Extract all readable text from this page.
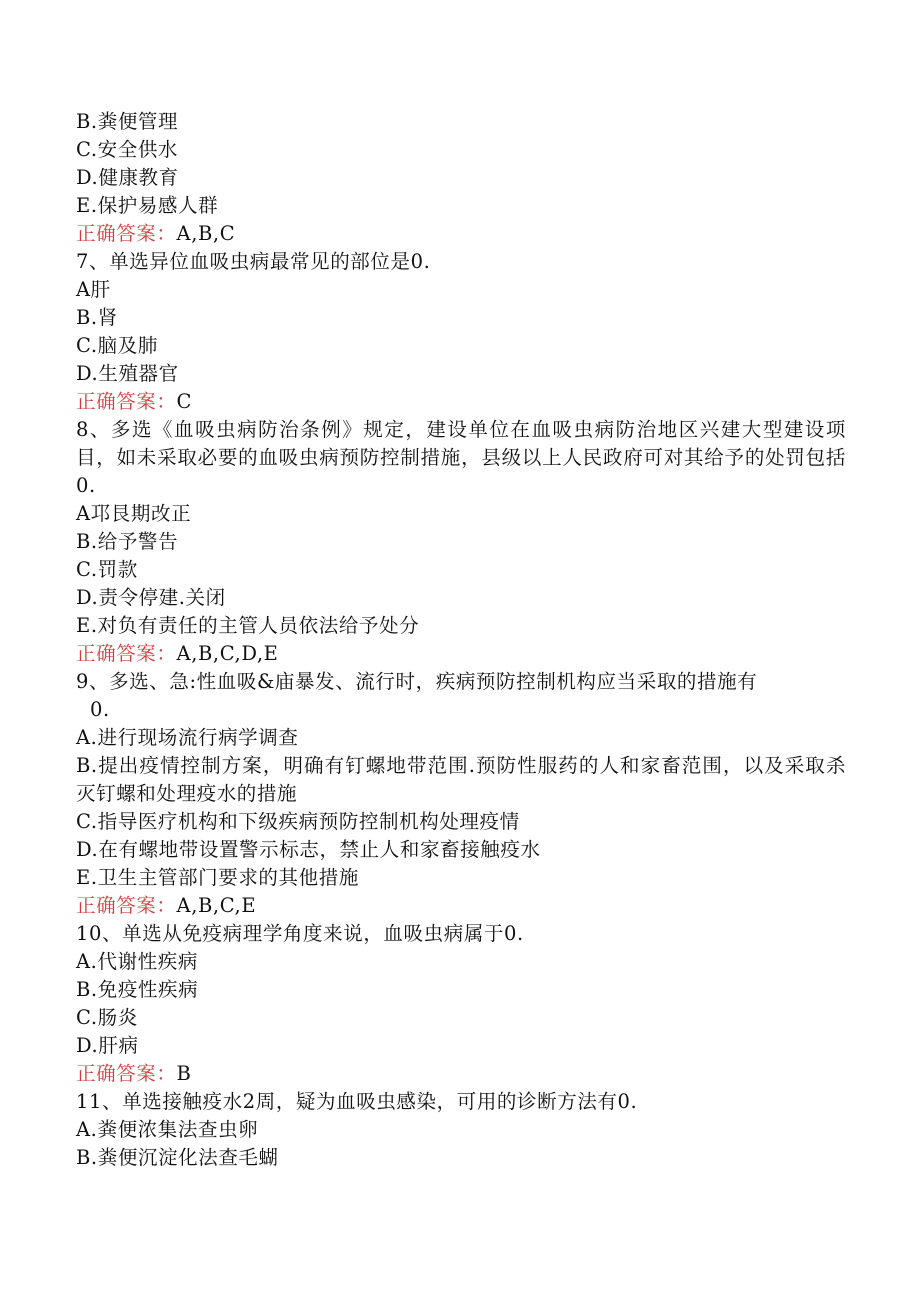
B.粪便管理
C.安全供水
D.健康教育
E.保护易感人群
正确答案：A,B,C
7、单选异位血吸虫病最常见的部位是0.
A肝
B.肾
C.脑及肺
D.生殖器官
正确答案：C
8、多选《血吸虫病防治条例》规定，建设单位在血吸虫病防治地区兴建大型建设项目，如未采取必要的血吸虫病预防控制措施，县级以上人民政府可对其给予的处罚包括0.
A邛艮期改正
B.给予警告
C.罚款
D.责令停建.关闭
E.对负有责任的主管人员依法给予处分
正确答案：A,B,C,D,E
9、多选、急:性血吸&庙暴发、流行时，疾病预防控制机构应当采取的措施有
0.
A.进行现场流行病学调查
B.提出疫情控制方案，明确有钉螺地带范围.预防性服药的人和家畜范围，以及采取杀灭钉螺和处理疫水的措施
C.指导医疗机构和下级疾病预防控制机构处理疫情
D.在有螺地带设置警示标志，禁止人和家畜接触疫水
E.卫生主管部门要求的其他措施
正确答案：A,B,C,E
10、单选从免疫病理学角度来说，血吸虫病属于0.
A.代谢性疾病
B.免疫性疾病
C.肠炎
D.肝病
正确答案：B
11、单选接触疫水2周，疑为血吸虫感染，可用的诊断方法有0.
A.粪便浓集法查虫卵
B.粪便沉淀化法查毛蝴
